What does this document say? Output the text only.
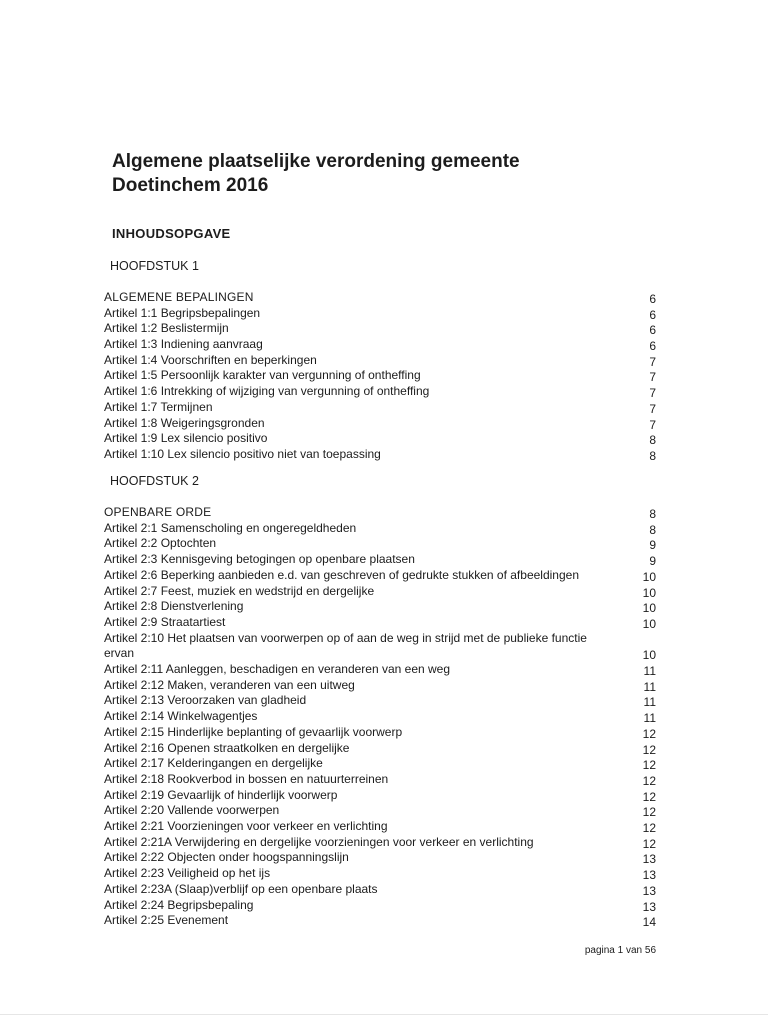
Algemene plaatselijke verordening gemeente
Doetinchem 2016
INHOUDSOPGAVE
HOOFDSTUK 1
ALGEMENE BEPALINGEN	6
Artikel 1:1 Begripsbepalingen	6
Artikel 1:2 Beslistermijn	6
Artikel 1:3 Indiening aanvraag	6
Artikel 1:4 Voorschriften en beperkingen	7
Artikel 1:5 Persoonlijk karakter van vergunning of ontheffing	7
Artikel 1:6 Intrekking of wijziging van vergunning of ontheffing	7
Artikel 1:7 Termijnen	7
Artikel 1:8 Weigeringsgronden	7
Artikel 1:9 Lex silencio positivo	8
Artikel 1:10 Lex silencio positivo niet van toepassing	8
HOOFDSTUK 2
OPENBARE ORDE	8
Artikel 2:1 Samenscholing en ongeregeldheden	8
Artikel 2:2 Optochten	9
Artikel 2:3 Kennisgeving betogingen op openbare plaatsen	9
Artikel 2:6 Beperking aanbieden e.d. van geschreven of gedrukte stukken of afbeeldingen	10
Artikel 2:7 Feest, muziek en wedstrijd en dergelijke	10
Artikel 2:8 Dienstverlening	10
Artikel 2:9 Straatartiest	10
Artikel 2:10 Het plaatsen van voorwerpen op of aan de weg in strijd met de publieke functie
ervan	10
Artikel 2:11 Aanleggen, beschadigen en veranderen van een weg	11
Artikel 2:12 Maken, veranderen van een uitweg	11
Artikel 2:13 Veroorzaken van gladheid	11
Artikel 2:14 Winkelwagentjes	11
Artikel 2:15 Hinderlijke beplanting of gevaarlijk voorwerp	12
Artikel 2:16 Openen straatkolken en dergelijke	12
Artikel 2:17 Kelderingangen en dergelijke	12
Artikel 2:18 Rookverbod in bossen en natuurterreinen	12
Artikel 2:19 Gevaarlijk of hinderlijk voorwerp	12
Artikel 2:20 Vallende voorwerpen	12
Artikel 2:21 Voorzieningen voor verkeer en verlichting	12
Artikel 2:21A Verwijdering en dergelijke voorzieningen voor verkeer en verlichting	12
Artikel 2:22 Objecten onder hoogspanningslijn	13
Artikel 2:23 Veiligheid op het ijs	13
Artikel 2:23A (Slaap)verblijf op een openbare plaats	13
Artikel 2:24 Begripsbepaling	13
Artikel 2:25 Evenement	14
pagina 1 van 56
